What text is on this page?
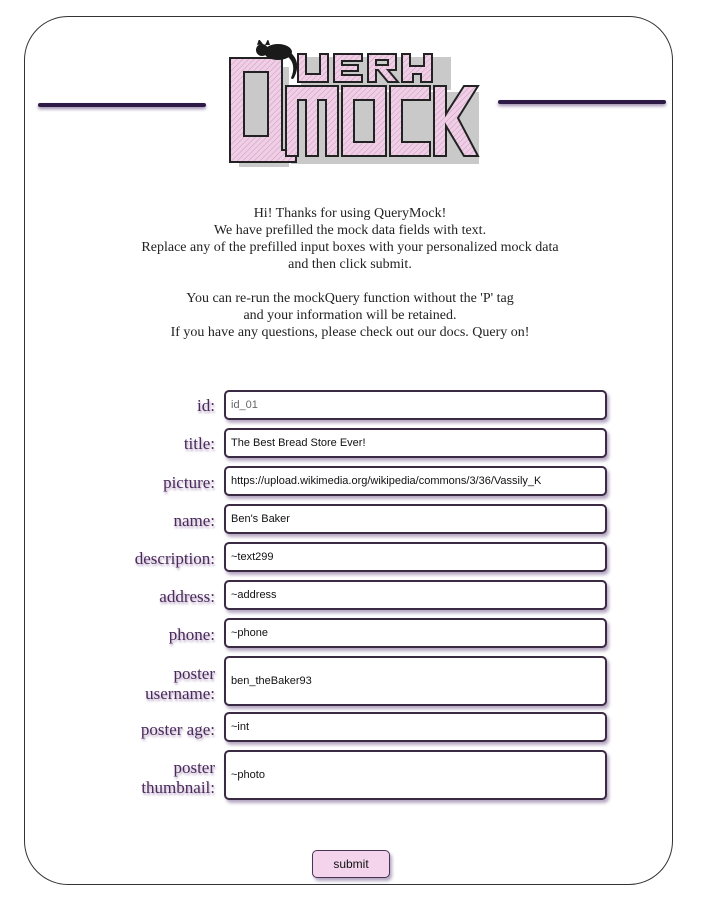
Hi! Thanks for using QueryMock!

We have prefilled the mock data fields with text.

Replace any of the prefilled input boxes with your personalized mock data

and then click submit.

You can re-run the mockQuery function without the 'P' tag

and your information will be retained.

If you have any questions, please check out our docs. Query on!

id:
id_01
title:
The Best Bread Store Ever!
picture:
https://upload.wikimedia.org/wikipedia/commons/3/36/Vassily_K
name:
Ben's Baker
description:
~text299
address:
~address
phone:
~phone
poster
username:
ben_theBaker93
poster age:
~int
poster
thumbnail:
~photo
submit
